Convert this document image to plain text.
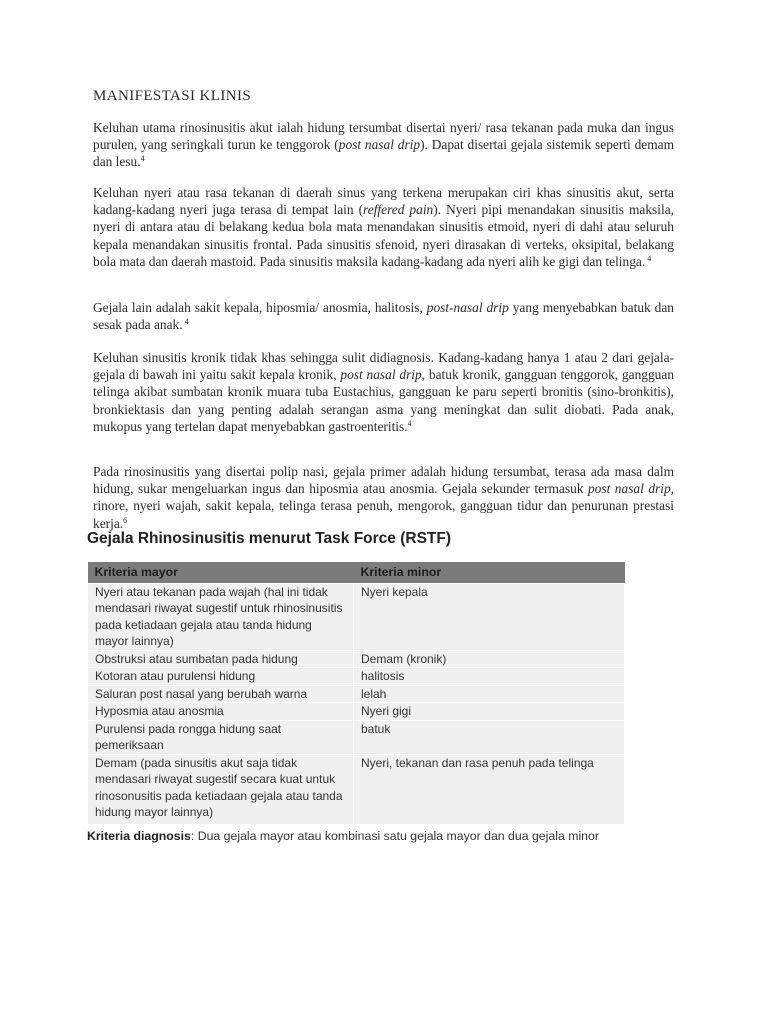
MANIFESTASI KLINIS

Keluhan utama rinosinusitis akut ialah hidung tersumbat disertai nyeri/ rasa tekanan pada muka dan ingus purulen, yang seringkali turun ke tenggorok (post nasal drip). Dapat disertai gejala sistemik seperti demam dan lesu.$^4$

Keluhan nyeri atau rasa tekanan di daerah sinus yang terkena merupakan ciri khas sinusitis akut, serta kadang-kadang nyeri juga terasa di tempat lain (reffered pain). Nyeri pipi menandakan sinusitis maksila, nyeri di antara atau di belakang kedua bola mata menandakan sinusitis etmoid, nyeri di dahi atau seluruh kepala menandakan sinusitis frontal. Pada sinusitis sfenoid, nyeri dirasakan di verteks, oksipital, belakang bola mata dan daerah mastoid. Pada sinusitis maksila kadang-kadang ada nyeri alih ke gigi dan telinga. $^4$

Gejala lain adalah sakit kepala, hiposmia/ anosmia, halitosis, post-nasal drip yang menyebabkan batuk dan sesak pada anak. $^4$

Keluhan sinusitis kronik tidak khas sehingga sulit didiagnosis. Kadang-kadang hanya 1 atau 2 dari gejala-gejala di bawah ini yaitu sakit kepala kronik, post nasal drip, batuk kronik, gangguan tenggorok, gangguan telinga akibat sumbatan kronik muara tuba Eustachius, gangguan ke paru seperti bronitis (sino-bronkitis), bronkiektasis dan yang penting adalah serangan asma yang meningkat dan sulit diobati. Pada anak, mukopus yang tertelan dapat menyebabkan gastroenteritis.$^4$

Pada rinosinusitis yang disertai polip nasi, gejala primer adalah hidung tersumbat, terasa ada masa dalm hidung, sukar mengeluarkan ingus dan hiposmia atau anosmia. Gejala sekunder termasuk post nasal drip, rinore, nyeri wajah, sakit kepala, telinga terasa penuh, mengorok, gangguan tidur dan penurunan prestasi kerja.$^6$

Gejala Rhinosinusitis menurut Task Force (RSTF)
Kriteria mayor	Kriteria minor
Nyeri atau tekanan pada wajah (hal ini tidak mendasari riwayat sugestif untuk rhinosinusitis pada ketiadaan gejala atau tanda hidung mayor lainnya)	Nyeri kepala
Obstruksi atau sumbatan pada hidung	Demam (kronik)
Kotoran atau purulensi hidung	halitosis
Saluran post nasal yang berubah warna	lelah
Hyposmia atau anosmia	Nyeri gigi
Purulensi pada rongga hidung saat pemeriksaan	batuk
Demam (pada sinusitis akut saja tidak mendasari riwayat sugestif secara kuat untuk rinosonusitis pada ketiadaan gejala atau tanda hidung mayor lainnya)	Nyeri, tekanan dan rasa penuh pada telinga
Kriteria diagnosis: Dua gejala mayor atau kombinasi satu gejala mayor dan dua gejala minor
